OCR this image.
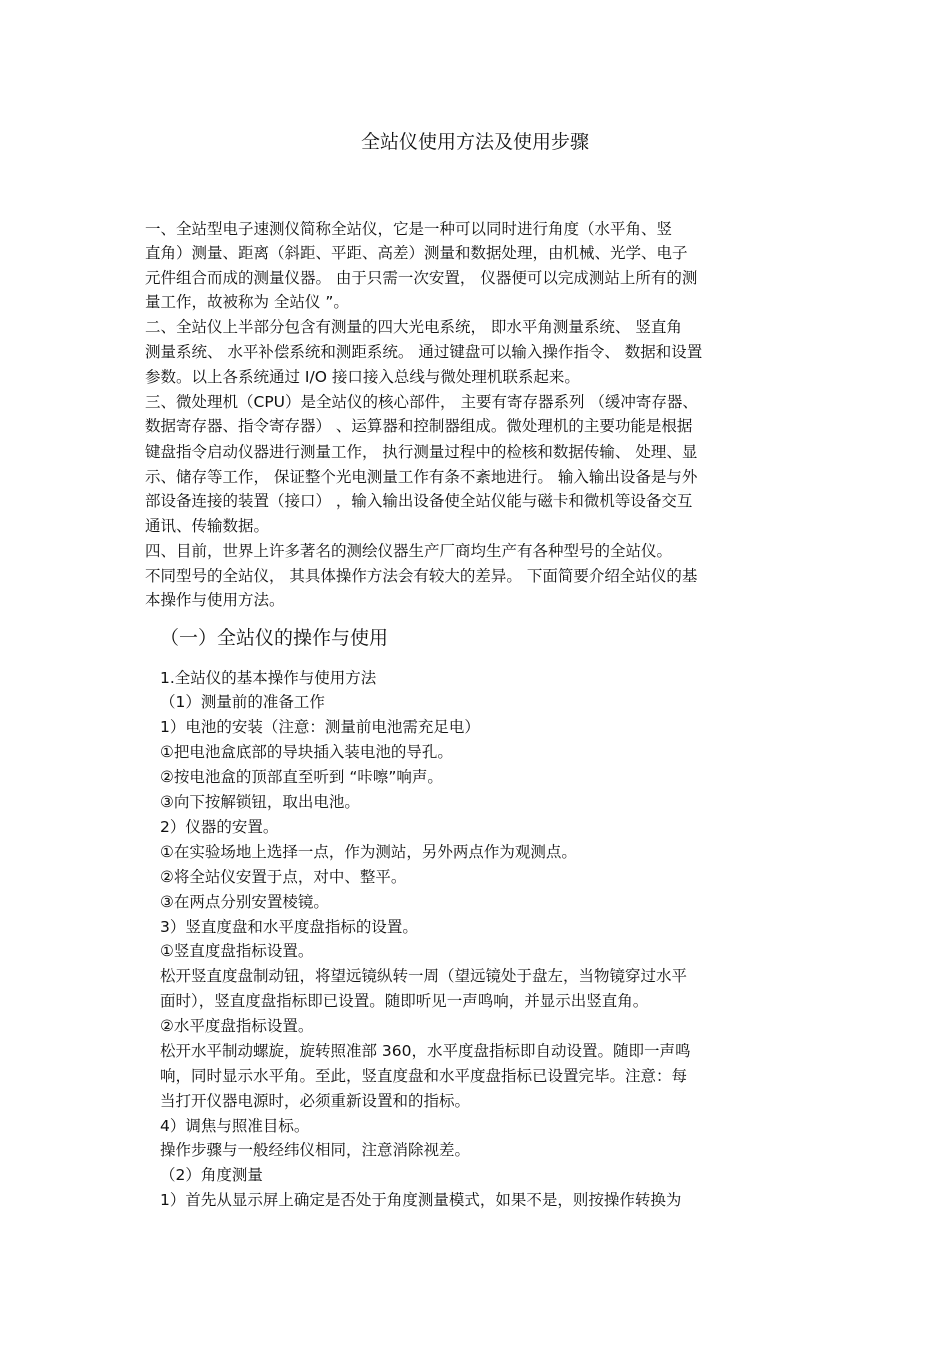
全站仪使用方法及使用步骤
一、全站型电子速测仪简称全站仪，它是一种可以同时进行角度（水平角、竖
直角）测量、距离（斜距、平距、高差）测量和数据处理，由机械、光学、电子
元件组合而成的测量仪器。 由于只需一次安置， 仪器便可以完成测站上所有的测
量工作，故被称为 全站仪 ”。
二、全站仪上半部分包含有测量的四大光电系统， 即水平角测量系统、 竖直角
测量系统、 水平补偿系统和测距系统。 通过键盘可以输入操作指令、 数据和设置
参数。以上各系统通过 I/O 接口接入总线与微处理机联系起来。
三、微处理机（CPU）是全站仪的核心部件， 主要有寄存器系列 （缓冲寄存器、
数据寄存器、指令寄存器） 、运算器和控制器组成。微处理机的主要功能是根据
键盘指令启动仪器进行测量工作， 执行测量过程中的检核和数据传输、 处理、显
示、储存等工作， 保证整个光电测量工作有条不紊地进行。 输入输出设备是与外
部设备连接的装置（接口） ，输入输出设备使全站仪能与磁卡和微机等设备交互
通讯、传输数据。
四、目前，世界上许多著名的测绘仪器生产厂商均生产有各种型号的全站仪。
不同型号的全站仪， 其具体操作方法会有较大的差异。 下面简要介绍全站仪的基
本操作与使用方法。
（一）全站仪的操作与使用
1.全站仪的基本操作与使用方法
（1）测量前的准备工作
1）电池的安装（注意：测量前电池需充足电）
①把电池盒底部的导块插入装电池的导孔。
②按电池盒的顶部直至听到 “咔嚓”响声。
③向下按解锁钮，取出电池。
2）仪器的安置。
①在实验场地上选择一点，作为测站，另外两点作为观测点。
②将全站仪安置于点，对中、整平。
③在两点分别安置棱镜。
3）竖直度盘和水平度盘指标的设置。
①竖直度盘指标设置。
松开竖直度盘制动钮，将望远镜纵转一周（望远镜处于盘左，当物镜穿过水平
面时），竖直度盘指标即已设置。随即听见一声鸣响，并显示出竖直角。
②水平度盘指标设置。
松开水平制动螺旋，旋转照准部 360，水平度盘指标即自动设置。随即一声鸣
响，同时显示水平角。至此，竖直度盘和水平度盘指标已设置完毕。注意：每
当打开仪器电源时，必须重新设置和的指标。
4）调焦与照准目标。
操作步骤与一般经纬仪相同，注意消除视差。
（2）角度测量
1）首先从显示屏上确定是否处于角度测量模式，如果不是，则按操作转换为
